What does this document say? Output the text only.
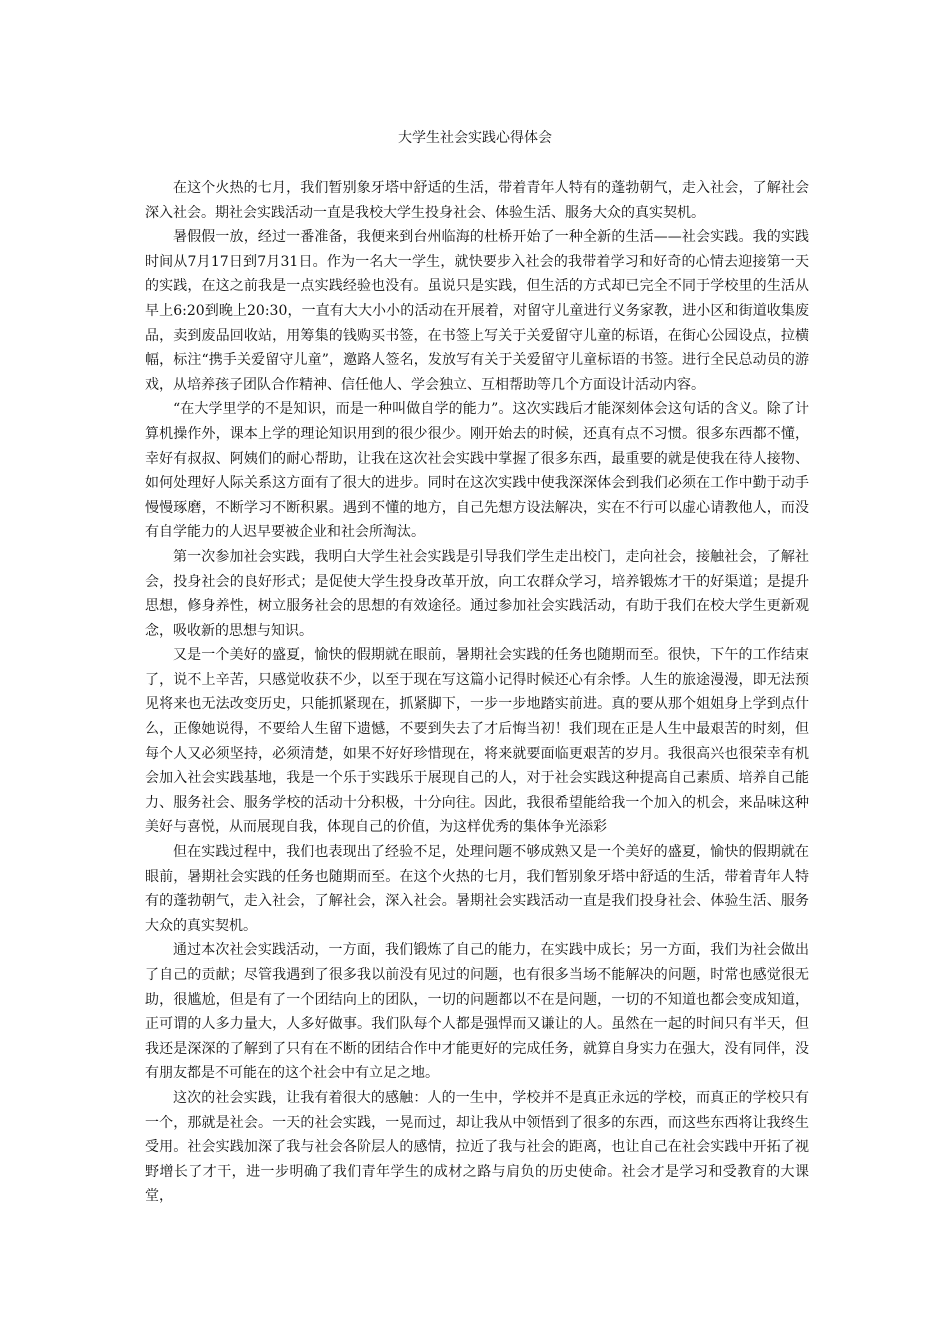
大学生社会实践心得体会

在这个火热的七月，我们暂别象牙塔中舒适的生活，带着青年人特有的蓬勃朝气，走入社会，了解社会深入社会。期社会实践活动一直是我校大学生投身社会、体验生活、服务大众的真实契机。

暑假假一放，经过一番准备，我便来到台州临海的杜桥开始了一种全新的生活——社会实践。我的实践时间从7月17日到7月31日。作为一名大一学生，就快要步入社会的我带着学习和好奇的心情去迎接第一天的实践，在这之前我是一点实践经验也没有。虽说只是实践，但生活的方式却已完全不同于学校里的生活从早上6:20到晚上20:30，一直有大大小小的活动在开展着，对留守儿童进行义务家教，进小区和街道收集废品，卖到废品回收站，用筹集的钱购买书签，在书签上写关于关爱留守儿童的标语，在街心公园设点，拉横幅，标注“携手关爱留守儿童”，邀路人签名，发放写有关于关爱留守儿童标语的书签。进行全民总动员的游戏，从培养孩子团队合作精神、信任他人、学会独立、互相帮助等几个方面设计活动内容。

“在大学里学的不是知识，而是一种叫做自学的能力”。这次实践后才能深刻体会这句话的含义。除了计算机操作外，课本上学的理论知识用到的很少很少。刚开始去的时候，还真有点不习惯。很多东西都不懂，幸好有叔叔、阿姨们的耐心帮助，让我在这次社会实践中掌握了很多东西，最重要的就是使我在待人接物、如何处理好人际关系这方面有了很大的进步。同时在这次实践中使我深深体会到我们必须在工作中勤于动手慢慢琢磨，不断学习不断积累。遇到不懂的地方，自己先想方设法解决，实在不行可以虚心请教他人，而没有自学能力的人迟早要被企业和社会所淘汰。

第一次参加社会实践，我明白大学生社会实践是引导我们学生走出校门，走向社会，接触社会，了解社会，投身社会的良好形式；是促使大学生投身改革开放，向工农群众学习，培养锻炼才干的好渠道；是提升思想，修身养性，树立服务社会的思想的有效途径。通过参加社会实践活动，有助于我们在校大学生更新观念，吸收新的思想与知识。

又是一个美好的盛夏，愉快的假期就在眼前，暑期社会实践的任务也随期而至。很快，下午的工作结束了，说不上辛苦，只感觉收获不少，以至于现在写这篇小记得时候还心有余悸。人生的旅途漫漫，即无法预见将来也无法改变历史，只能抓紧现在，抓紧脚下，一步一步地踏实前进。真的要从那个姐姐身上学到点什么，正像她说得，不要给人生留下遗憾，不要到失去了才后悔当初！我们现在正是人生中最艰苦的时刻，但每个人又必须坚持，必须清楚，如果不好好珍惜现在，将来就要面临更艰苦的岁月。我很高兴也很荣幸有机会加入社会实践基地，我是一个乐于实践乐于展现自己的人，对于社会实践这种提高自己素质、培养自己能力、服务社会、服务学校的活动十分积极，十分向往。因此，我很希望能给我一个加入的机会，来品味这种美好与喜悦，从而展现自我，体现自己的价值，为这样优秀的集体争光添彩

但在实践过程中，我们也表现出了经验不足，处理问题不够成熟又是一个美好的盛夏，愉快的假期就在眼前，暑期社会实践的任务也随期而至。在这个火热的七月，我们暂别象牙塔中舒适的生活，带着青年人特有的蓬勃朝气，走入社会，了解社会，深入社会。暑期社会实践活动一直是我们投身社会、体验生活、服务大众的真实契机。

通过本次社会实践活动，一方面，我们锻炼了自己的能力，在实践中成长；另一方面，我们为社会做出了自己的贡献；尽管我遇到了很多我以前没有见过的问题，也有很多当场不能解决的问题，时常也感觉很无助，很尴尬，但是有了一个团结向上的团队，一切的问题都以不在是问题，一切的不知道也都会变成知道，正可谓的人多力量大，人多好做事。我们队每个人都是强悍而又谦让的人。虽然在一起的时间只有半天，但我还是深深的了解到了只有在不断的团结合作中才能更好的完成任务，就算自身实力在强大，没有同伴，没有朋友都是不可能在的这个社会中有立足之地。

这次的社会实践，让我有着很大的感触：人的一生中，学校并不是真正永远的学校，而真正的学校只有一个，那就是社会。一天的社会实践，一晃而过，却让我从中领悟到了很多的东西，而这些东西将让我终生受用。社会实践加深了我与社会各阶层人的感情，拉近了我与社会的距离，也让自己在社会实践中开拓了视野增长了才干，进一步明确了我们青年学生的成材之路与肩负的历史使命。社会才是学习和受教育的大课堂，
